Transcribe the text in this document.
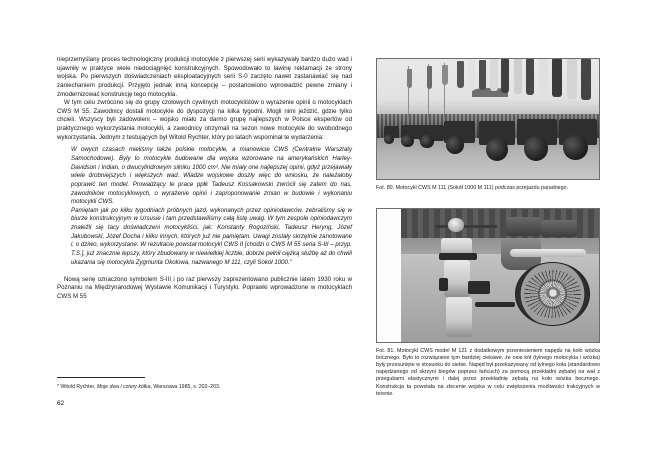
nieprzemyślany proces technologiczny produkcji motocykle z pierwszej serii wykazywały bardzo dużo wad i ujawniły w praktyce wiele niedociągnięć konstrukcyjnych. Spowodowało to lawinę reklamacji ze strony wojska. Po pierwszych doświadczeniach eksploatacyjnych serii S-0 zaczęto nawet zastanawiać się nad zaniechaniem produkcji. Przyjęto jednak inną koncepcję – postanowiono wprowadzić pewne zmiany i zmodernizować konstrukcję tego motocykla.

W tym celu zwrócono się do grupy czołowych cywilnych motocyklistów o wyrażenie opinii o motocyklach CWS M 55. Zawodnicy dostali motocykle do dyspozycji na kilka tygodni. Mogli nimi jeździć, gdzie tylko chcieli. Wszyscy byli zadowoleni – wojsko miało za darmo grupę najlepszych w Polsce ekspertów od praktycznego wykorzystania motocykli, a zawodnicy otrzymali na sezon nowe motocykle do swobodnego wykorzystania. Jednym z testujących był Witold Rychter, który po latach wspominał te wydarzenia:

W owych czasach mieliśmy także polskie motocykle, a mianowicie CWS (Centralne Warsztaty Samochodowe). Były to motocykle budowane dla wojska wzorowane na amerykańskich Harley-Davidson i Indian, o dwucylindrowym silniku 1000 cm³. Nie miały one najlepszej opinii, gdyż przejawiały wiele drobniejszych i większych wad. Władze wojskowe doszły więc do wniosku, że należałoby poprawić ten model. Prowadzący te prace ppłk Tadeusz Kossakowski zwrócił się zatem do nas, zawodników motocyklowych, o wyrażenie opinii i zaproponowanie zmian w budowie i wykonaniu motocykli CWS.

Pamiętam jak po kilku tygodniach próbnych jazd, wykonanych przez opiniodawców, zebraliśmy się w biurze konstrukcyjnym w Ursusie i tam przedstawiliśmy całą listę uwag. W tym zespole opiniodawczym znaleźli się tacy doświadczeni motocykliści, jak: Konstanty Rogoziński, Tadeusz Heryng, Józef Jakubowski, Józef Docha i kilku innych, których już nie pamiętam. Uwagi zostały skrzętnie zanotowane i, o dziwo, wykorzystane. W rezultacie powstał motocykl CWS II [chodzi o CWS M 55 seria S-III – przyp. T.S.], już znacznie lepszy, który zbudowany w niewielkiej liczbie, dobrze pełnił ciężką służbę aż do chwili ukazania się motocykla Zygmunta Okołowa, nazwanego M 111, czyli Sokół 1000."

Nową serię oznaczono symbolem S-III i po raz pierwszy zaprezentowano publicznie latem 1930 roku w Poznaniu na Międzynarodowej Wystawie Komunikacji i Turystyki. Poprawki wprowadzone w motocyklach CWS M 55

* Witold Rychter, Moje dwa i cztery kółka, Warszawa 1985, s. 202–203.
62
Fot. 80. Motocykl CWS M 111 (Sokół 1000 M 111) podczas przejazdu paradnego.
Fot. 81. Motocykl CWS model M 121 z dodatkowym przeniesieniem napędu na koło wózka bocznego. Było to rozwiązanie tym bardziej ciekawe, że osie kół (tylnego motocykla i wózka) były przesunięte w stosunku do siebie. Napęd był przekazywany od tylnego koła (standardowo napędzanego od skrzyni biegów poprzez łańcuch) za pomocą przekładni zębatej na wał z przegubami elastycznymi i dalej przez przekładnię zębatą na koło wózka bocznego. Konstrukcja ta powstała na zlecenie wojska w celu zwiększenia możliwości trakcyjnych w terenie.
